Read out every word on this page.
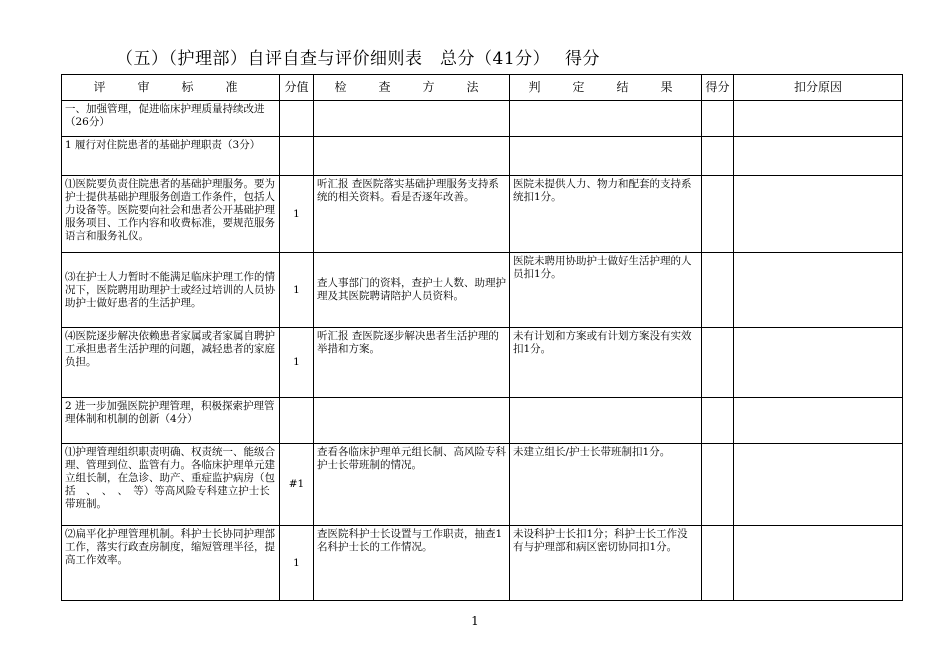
（五）（护理部）自评自查与评价细则表　总分（41分）　 得分
评　审　标　准	分值	检　查　方　法	判　定　结　果	得分	扣分原因
一、加强管理，促进临床护理质量持续改进（26分）					
1 履行对住院患者的基础护理职责（3分）					
⑴医院要负责住院患者的基础护理服务。要为护士提供基础护理服务创造工作条件，包括人力设备等。医院要向社会和患者公开基础护理服务项目、工作内容和收费标准，要规范服务语言和服务礼仪。	1	听汇报 查医院落实基础护理服务支持系统的相关资料。看是否逐年改善。	医院未提供人力、物力和配套的支持系统扣1分。		
⑶在护士人力暂时不能满足临床护理工作的情况下，医院聘用助理护士或经过培训的人员协助护士做好患者的生活护理。	1	查人事部门的资料，查护士人数、助理护理及其医院聘请陪护人员资料。	医院未聘用协助护士做好生活护理的人员扣1分。		
⑷医院逐步解决依赖患者家属或者家属自聘护工承担患者生活护理的问题，减轻患者的家庭负担。	1	听汇报 查医院逐步解决患者生活护理的举措和方案。	未有计划和方案或有计划方案没有实效扣1分。		
2 进一步加强医院护理管理，积极探索护理管理体制和机制的创新（4分）					
⑴护理管理组织职责明确、权责统一、能级合理、管理到位、监管有力。各临床护理单元建立组长制，在急诊、助产、重症监护病房（包括　、　、　、　等）等高风险专科建立护士长带班制。	#1	查看各临床护理单元组长制、高风险专科护士长带班制的情况。	未建立组长/护士长带班制扣1分。		
⑵扁平化护理管理机制。科护士长协同护理部工作，落实行政查房制度，缩短管理半径，提高工作效率。	1	查医院科护士长设置与工作职责，抽查1名科护士长的工作情况。	未设科护士长扣1分；科护士长工作没有与护理部和病区密切协同扣1分。		
1
